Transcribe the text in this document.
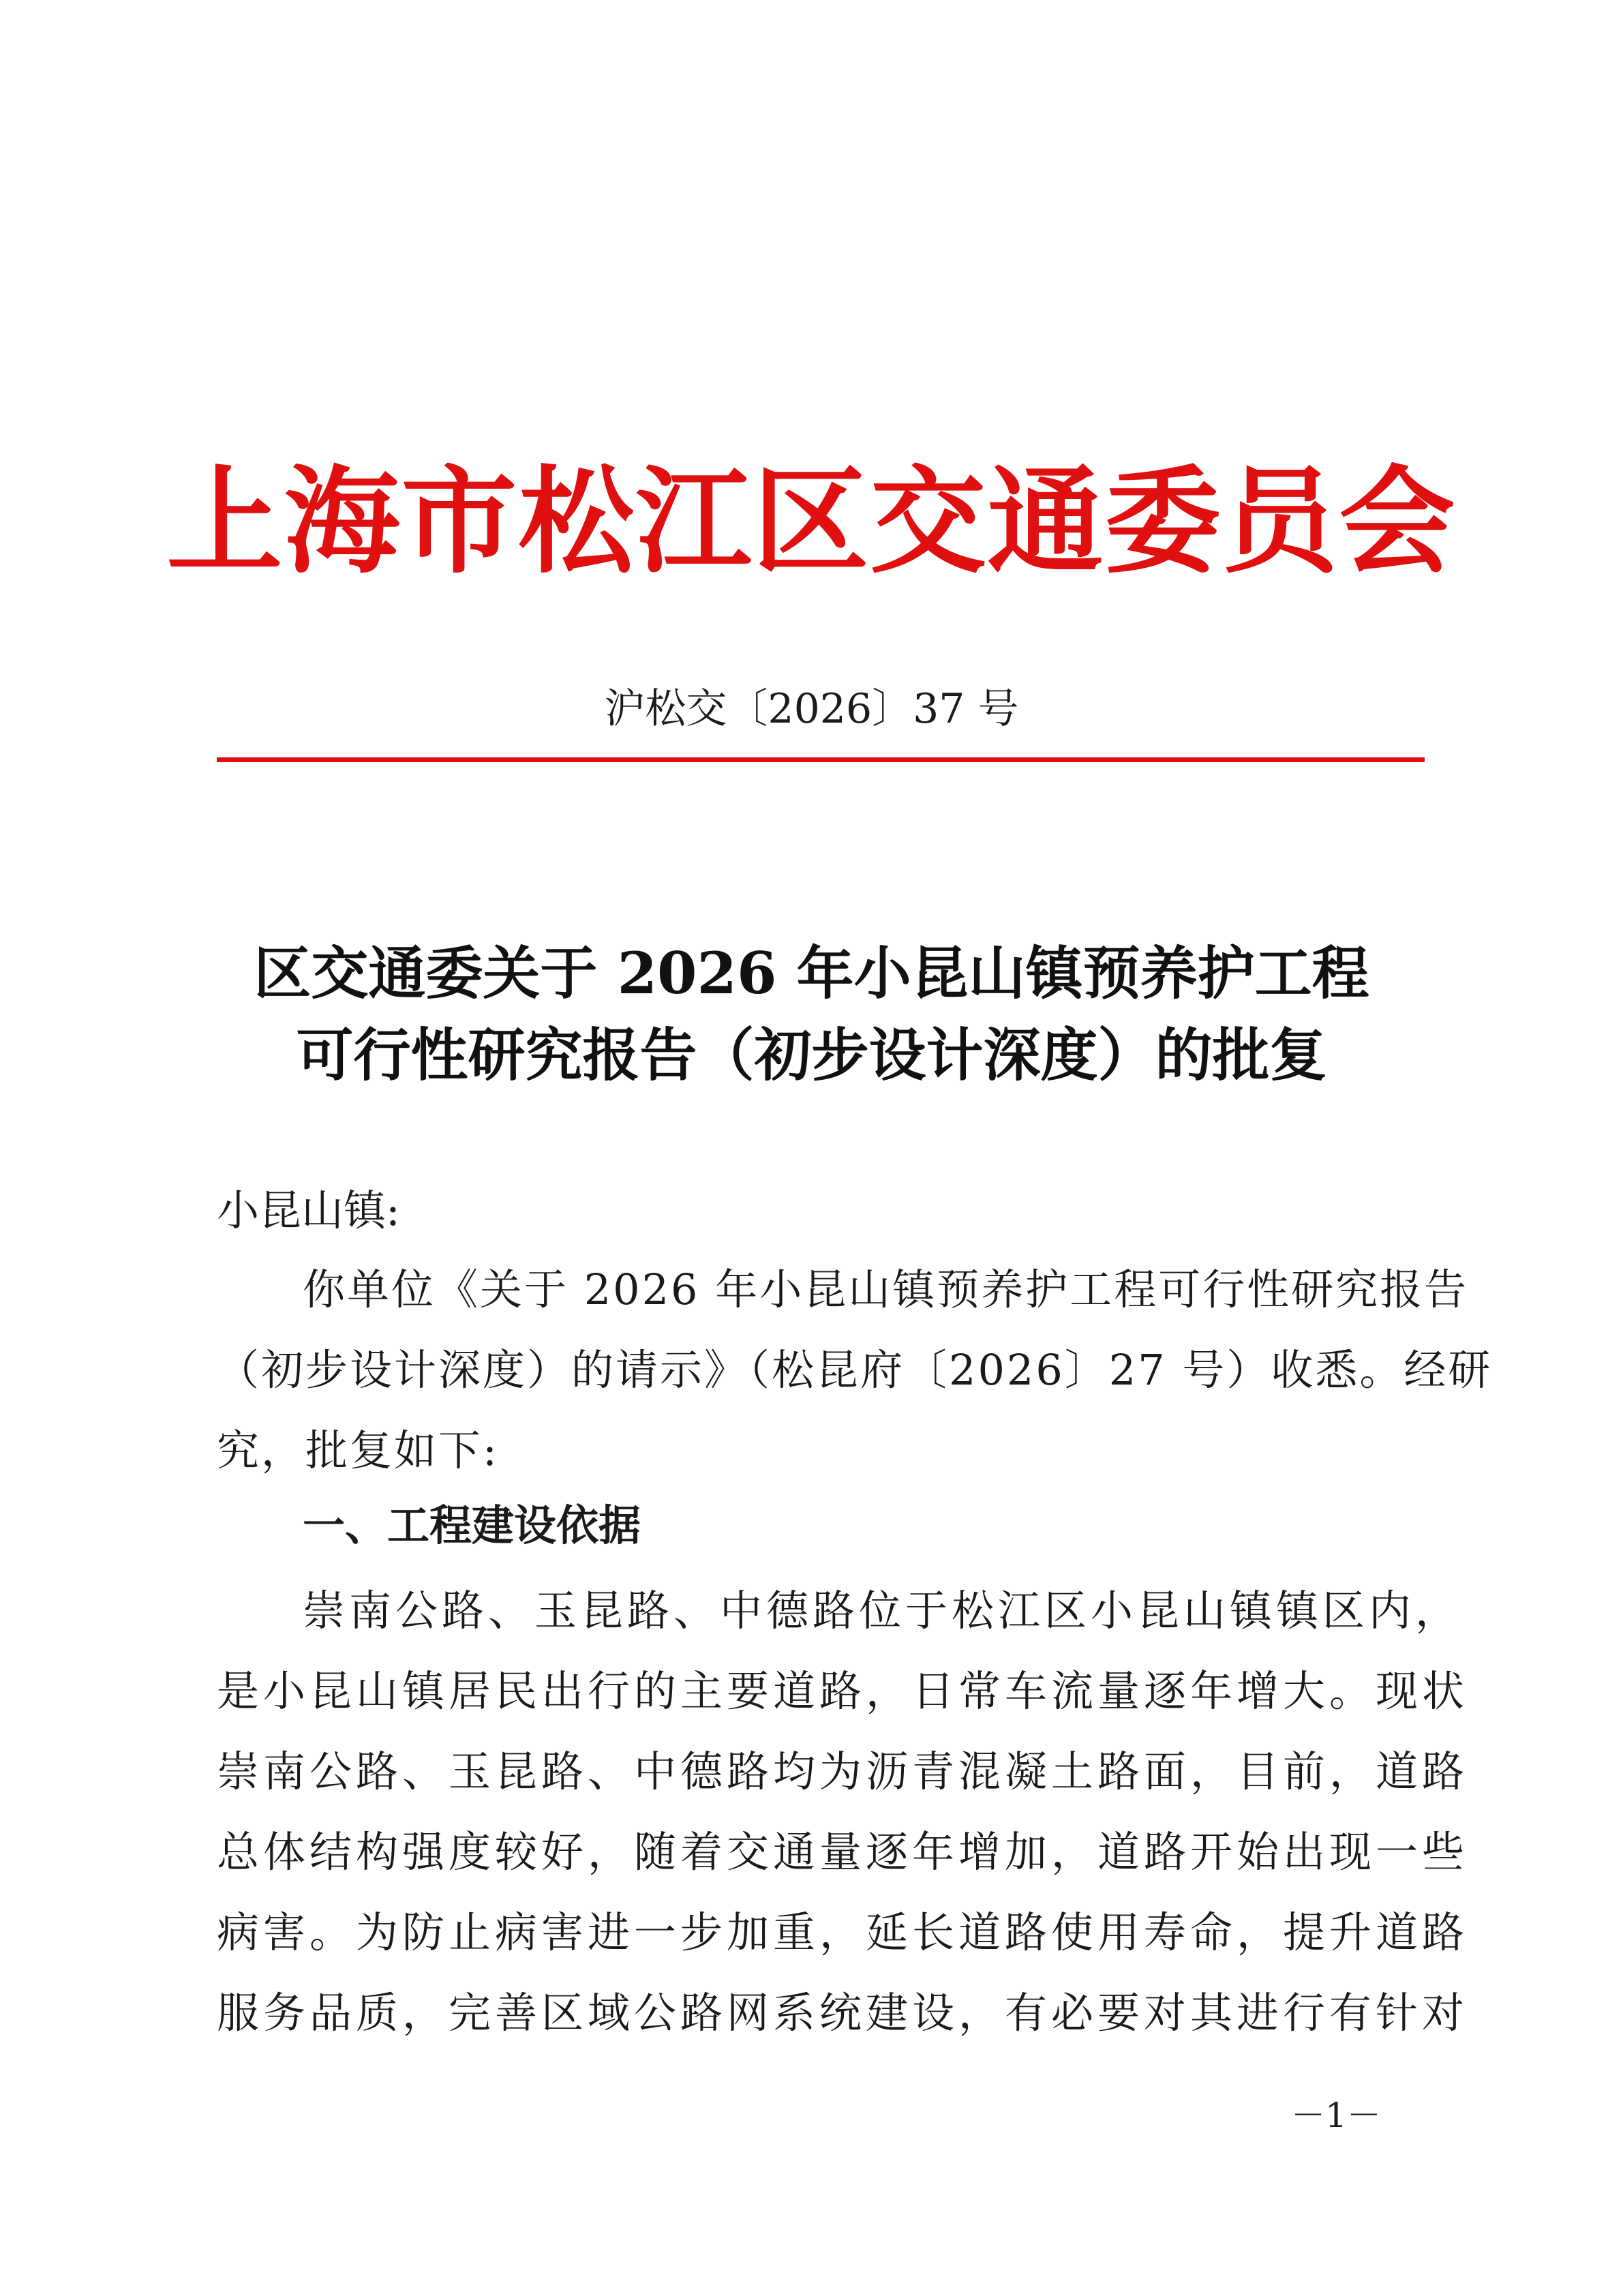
上海市松江区交通委员会
沪松交〔2026〕37 号
区交通委关于 2026 年小昆山镇预养护工程
可行性研究报告（初步设计深度）的批复
小昆山镇:
你单位《关于 2026 年小昆山镇预养护工程可行性研究报告
（初步设计深度）的请示》（松昆府〔2026〕27 号）收悉。经研
究，批复如下:
一、工程建设依据
崇南公路、玉昆路、中德路位于松江区小昆山镇镇区内，
是小昆山镇居民出行的主要道路，日常车流量逐年增大。现状
崇南公路、玉昆路、中德路均为沥青混凝土路面，目前，道路
总体结构强度较好，随着交通量逐年增加，道路开始出现一些
病害。为防止病害进一步加重，延长道路使用寿命，提升道路
服务品质，完善区域公路网系统建设，有必要对其进行有针对
－1－
